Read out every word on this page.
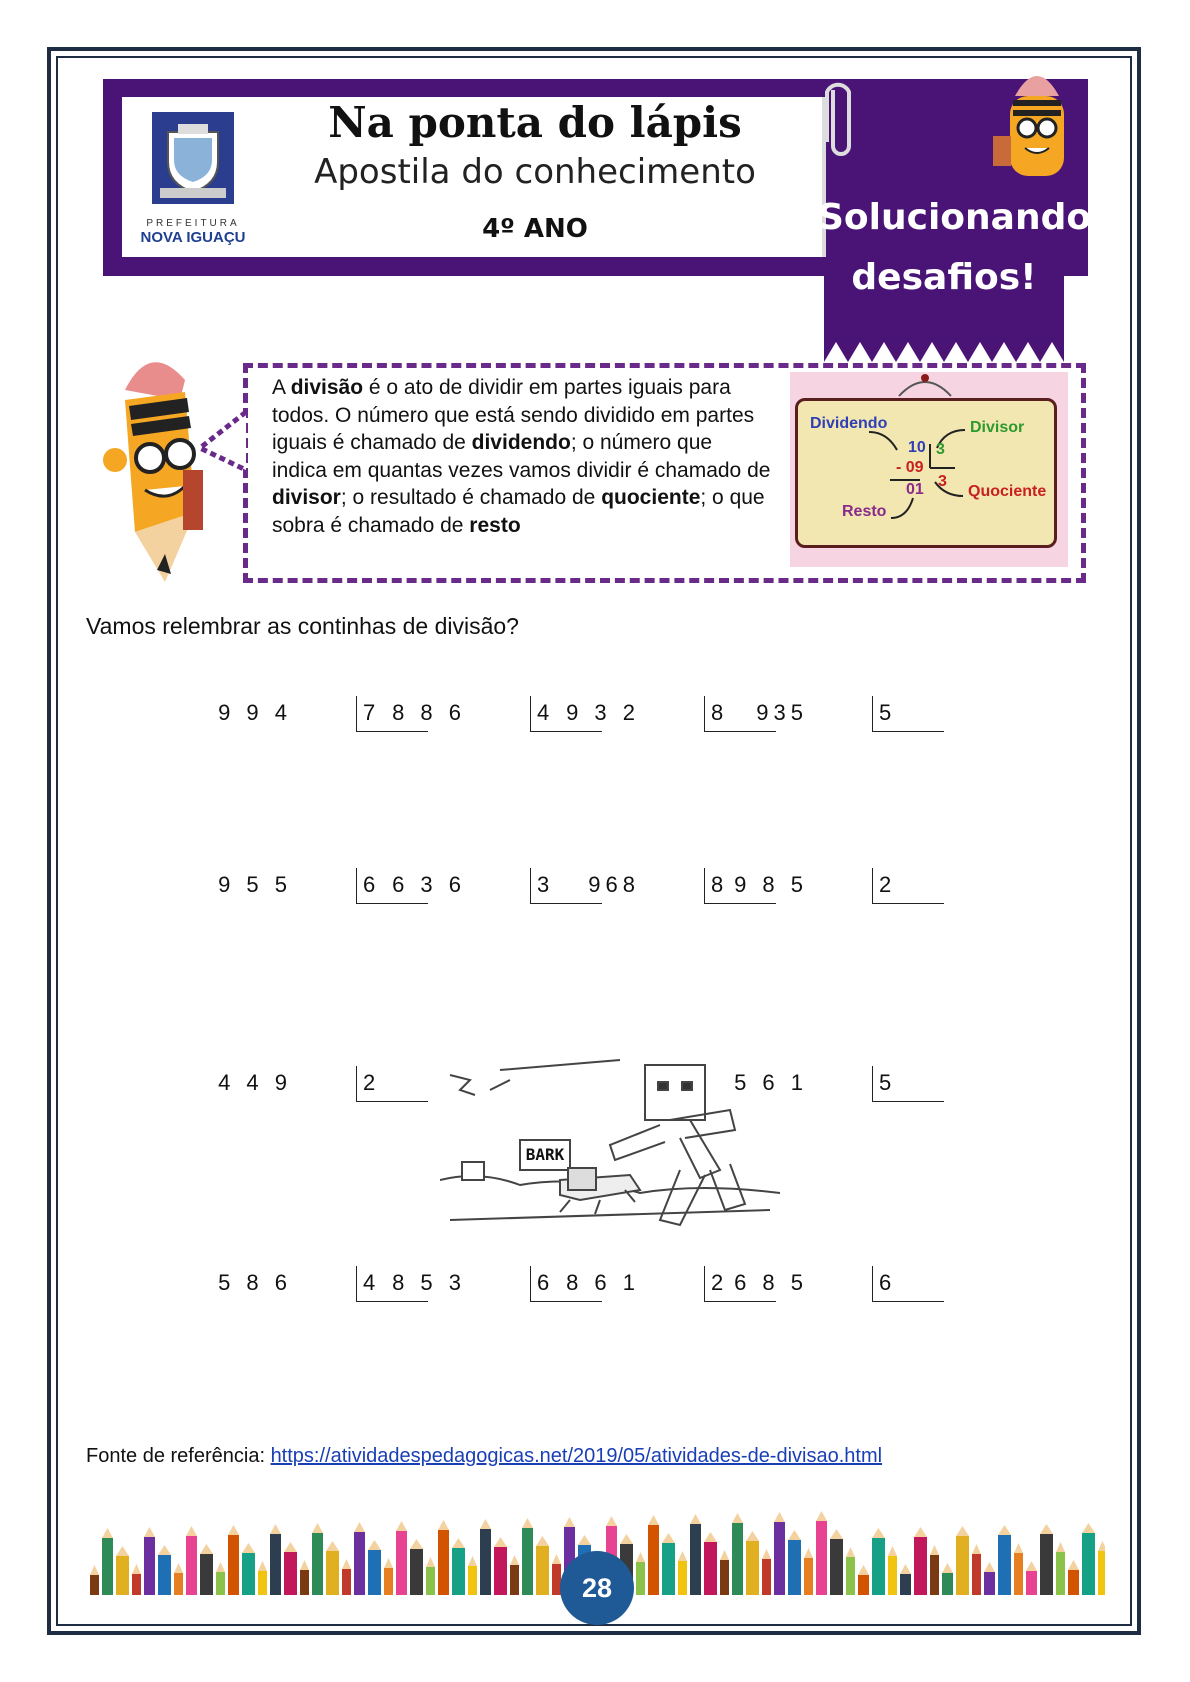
PREFEITURA
NOVA IGUAÇU
Na ponta do lápis
Apostila do conhecimento
4º ANO	Solucionando
desafios!
A divisão é o ato de dividir em partes iguais para todos. O número que está sendo dividido em partes iguais é chamado de dividendo; o número que indica em quantas vezes vamos dividir é chamado de divisor; o resultado é chamado de quociente; o que sobra é chamado de resto
Dividendo	Divisor
Quociente
Resto
10 3
- 09
01 3
Vamos relembrar as continhas de divisão?
9 9 4	7 8 8 6	4 9 3 2	8	935	5
9 5 5	6 6 3 6	3	968	8 9 8 5	2
4 4 9	2	5 6 1	5
5 8 6	4 8 5 3	6 8 6 1	2 6 8 5	6
BARK
Fonte de referência: https://atividadespedagogicas.net/2019/05/atividades-de-divisao.html
28
